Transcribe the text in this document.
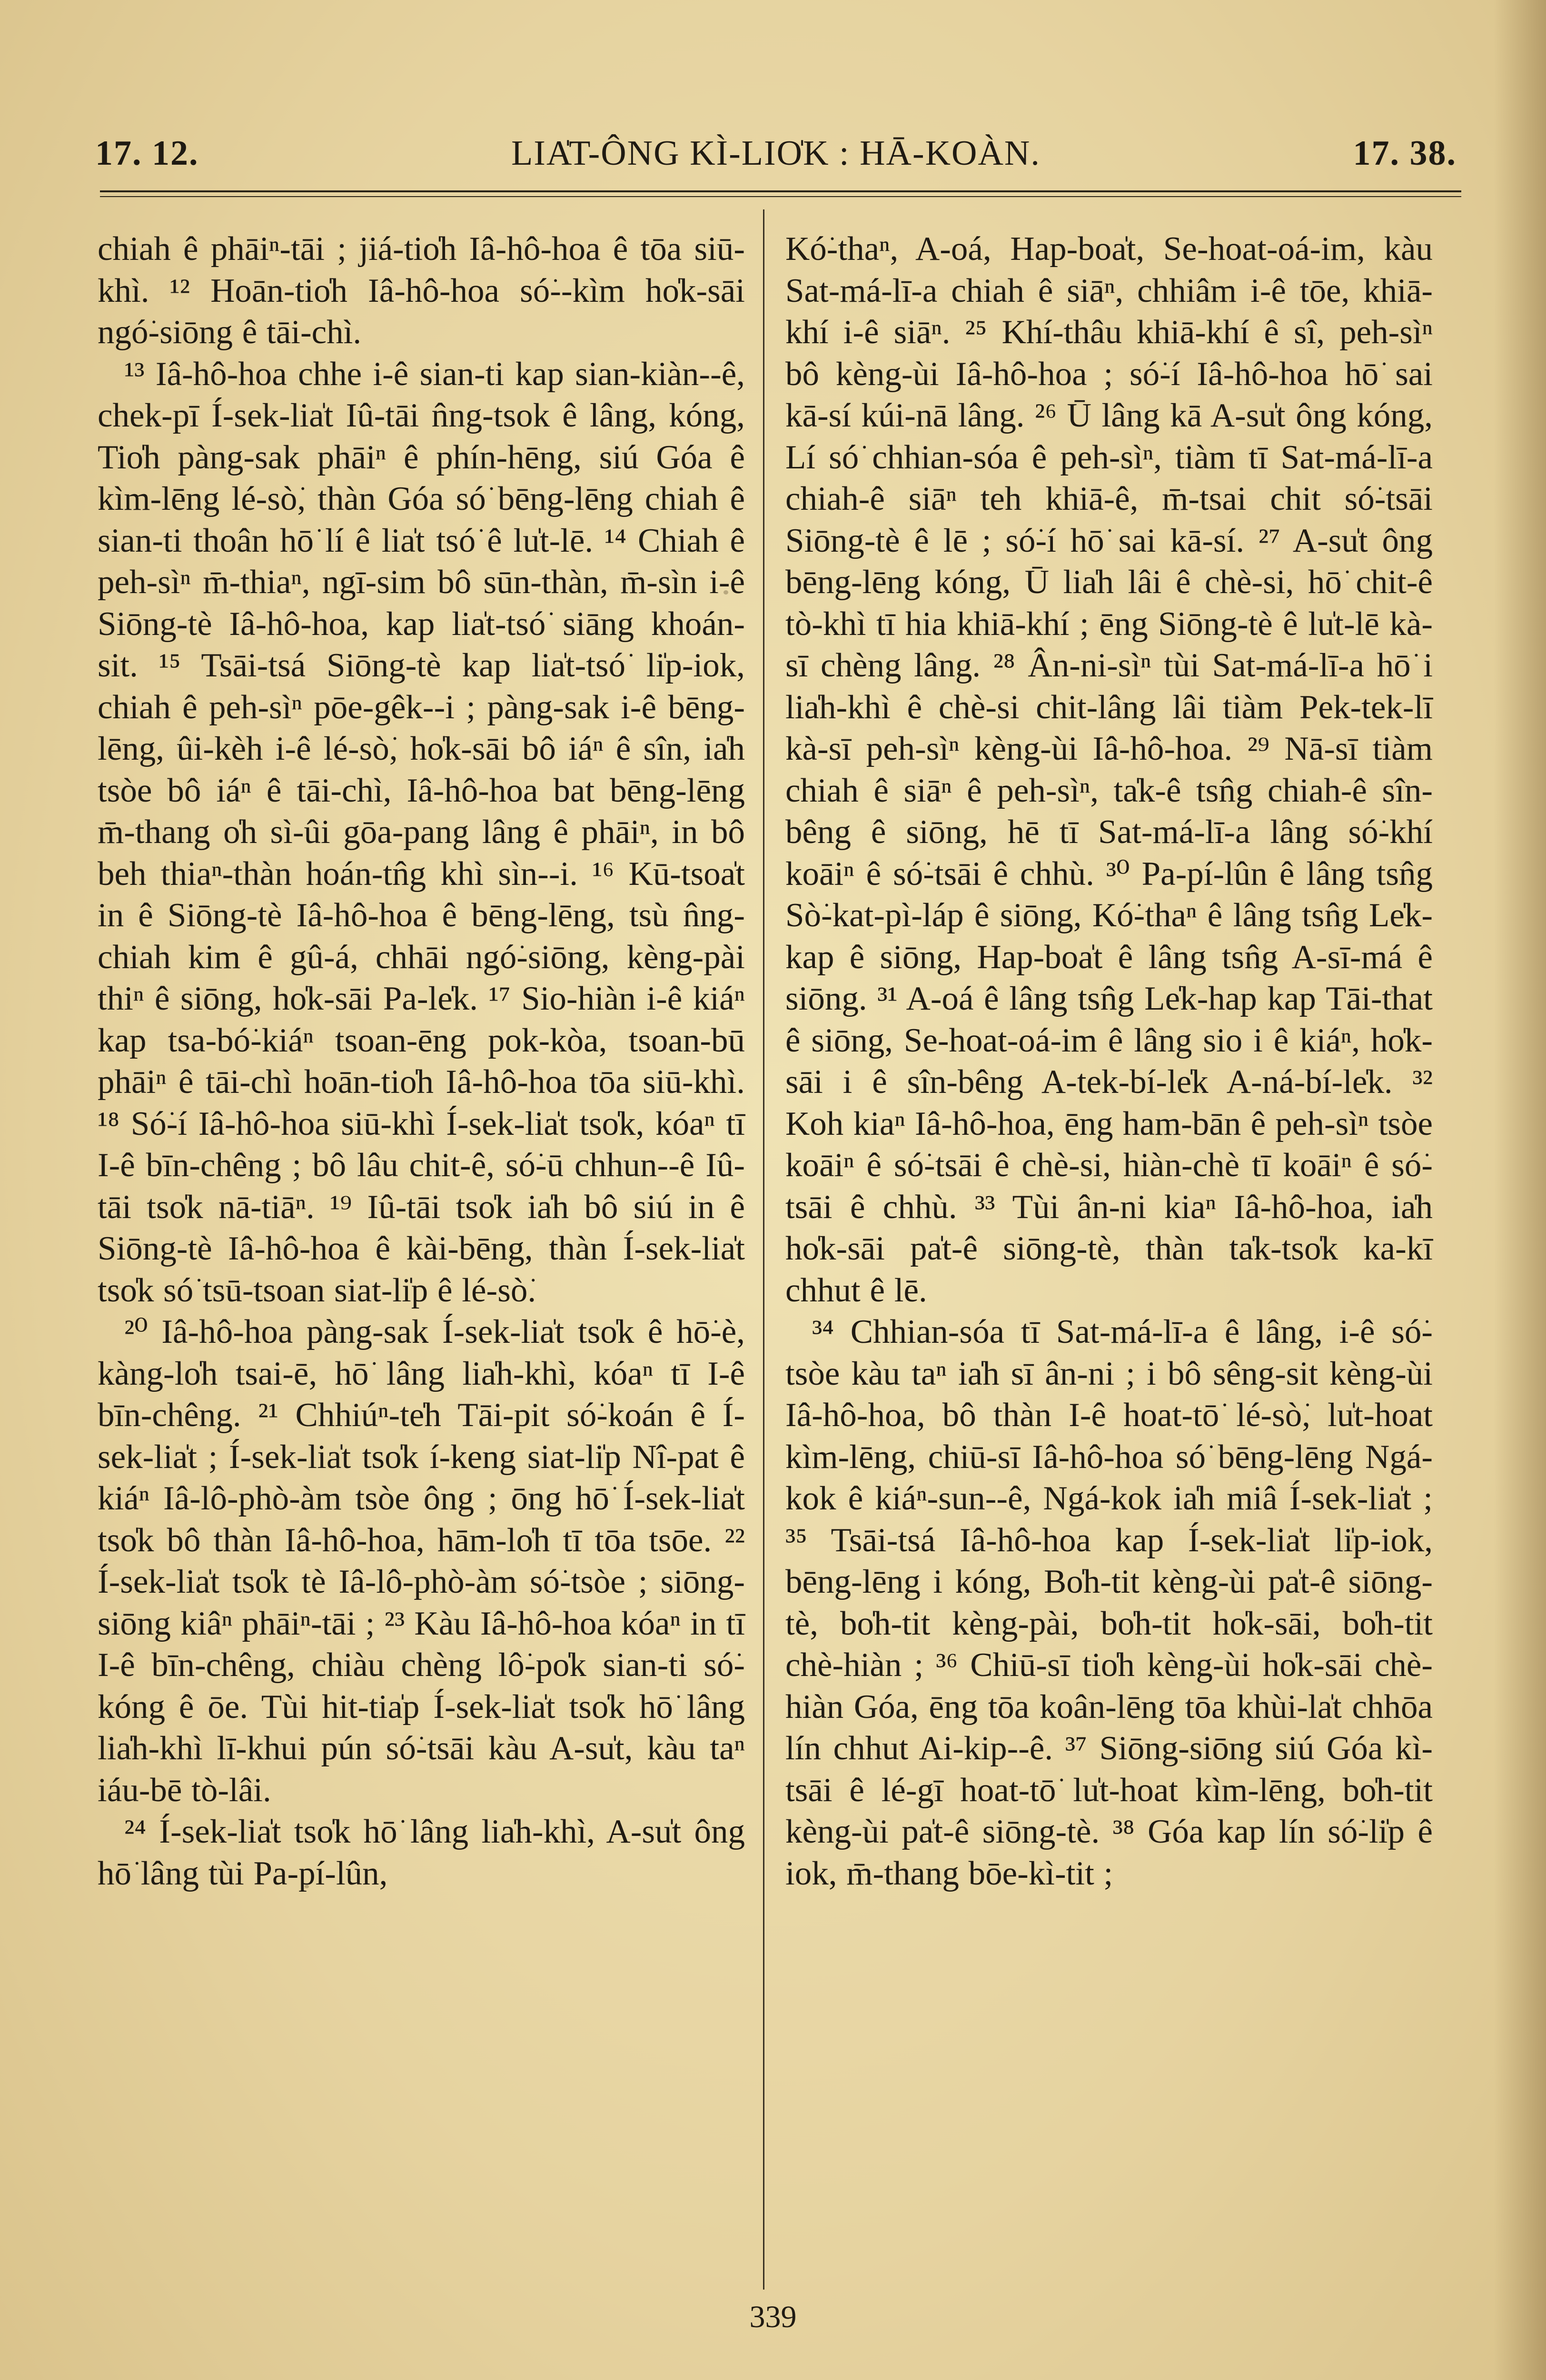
17. 12.	LIA̍T-ÔNG KÌ-LIO̍K : HĀ-KOÀN.	17. 38.

chiah ê phāiⁿ-tāi ; jiá-tio̍h Iâ-hô-hoa ê tōa siū-khì. ¹² Hoān-tio̍h Iâ-hô-hoa só͘--kìm ho̍k-sāi ngó͘-siōng ê tāi-chì.

¹³ Iâ-hô-hoa chhe i-ê sian-ti kap sian-kiàn--ê, chek-pī Í-sek-lia̍t Iû-tāi n̂ng-tsok ê lâng, kóng, Tio̍h pàng-sak phāiⁿ ê phín-hēng, siú Góa ê kìm-lēng lé-sò͘, thàn Góa só͘ bēng-lēng chiah ê sian-ti thoân hō͘ lí ê lia̍t tsó͘ ê lu̍t-lē. ¹⁴ Chiah ê peh-sìⁿ m̄-thiaⁿ, ngī-sim bô sūn-thàn, m̄-sìn i-ê Siōng-tè Iâ-hô-hoa, kap lia̍t-tsó͘ siāng khoán-sit. ¹⁵ Tsāi-tsá Siōng-tè kap lia̍t-tsó͘ li̍p-iok, chiah ê peh-sìⁿ pōe-gêk--i ; pàng-sak i-ê bēng-lēng, ûi-kèh i-ê lé-sò͘, ho̍k-sāi bô iáⁿ ê sîn, ia̍h tsòe bô iáⁿ ê tāi-chì, Iâ-hô-hoa bat bēng-lēng m̄-thang o̍h sì-ûi gōa-pang lâng ê phāiⁿ, in bô beh thiaⁿ-thàn hoán-tn̂g khì sìn--i. ¹⁶ Kū-tsoa̍t in ê Siōng-tè Iâ-hô-hoa ê bēng-lēng, tsù n̂ng-chiah kim ê gû-á, chhāi ngó͘-siōng, kèng-pài thiⁿ ê siōng, ho̍k-sāi Pa-le̍k. ¹⁷ Sio-hiàn i-ê kiáⁿ kap tsa-bó͘-kiáⁿ tsoan-ēng pok-kòa, tsoan-bū phāiⁿ ê tāi-chì hoān-tio̍h Iâ-hô-hoa tōa siū-khì. ¹⁸ Só͘-í Iâ-hô-hoa siū-khì Í-sek-lia̍t tso̍k, kóaⁿ tī I-ê bīn-chêng ; bô lâu chit-ê, só͘-ū chhun--ê Iû-tāi tso̍k nā-tiāⁿ. ¹⁹ Iû-tāi tso̍k ia̍h bô siú in ê Siōng-tè Iâ-hô-hoa ê kài-bēng, thàn Í-sek-lia̍t tso̍k só͘ tsū-tsoan siat-li̍p ê lé-sò͘.

²⁰ Iâ-hô-hoa pàng-sak Í-sek-lia̍t tso̍k ê hō͘-è, kàng-lo̍h tsai-ē, hō͘ lâng lia̍h-khì, kóaⁿ tī I-ê bīn-chêng. ²¹ Chhiúⁿ-te̍h Tāi-pit só͘-koán ê Í-sek-lia̍t ; Í-sek-lia̍t tso̍k í-keng siat-li̍p Nî-pat ê kiáⁿ Iâ-lô-phò-àm tsòe ông ; ōng hō͘ Í-sek-lia̍t tso̍k bô thàn Iâ-hô-hoa, hām-lo̍h tī tōa tsōe. ²² Í-sek-lia̍t tso̍k tè Iâ-lô-phò-àm só͘-tsòe ; siōng-siōng kiâⁿ phāiⁿ-tāi ; ²³ Kàu Iâ-hô-hoa kóaⁿ in tī I-ê bīn-chêng, chiàu chèng lô͘-po̍k sian-ti só͘-kóng ê ōe. Tùi hit-tia̍p Í-sek-lia̍t tso̍k hō͘ lâng lia̍h-khì lī-khui pún só͘-tsāi kàu A-su̍t, kàu taⁿ iáu-bē tò-lâi.

²⁴ Í-sek-lia̍t tso̍k hō͘ lâng lia̍h-khì, A-su̍t ông hō͘ lâng tùi Pa-pí-lûn,

Kó͘-thaⁿ, A-oá, Hap-boa̍t, Se-hoat-oá-im, kàu Sat-má-lī-a chiah ê siāⁿ, chhiâm i-ê tōe, khiā-khí i-ê siāⁿ. ²⁵ Khí-thâu khiā-khí ê sî, peh-sìⁿ bô kèng-ùi Iâ-hô-hoa ; só͘-í Iâ-hô-hoa hō͘ sai kā-sí kúi-nā lâng. ²⁶ Ū lâng kā A-su̍t ông kóng, Lí só͘ chhian-sóa ê peh-sìⁿ, tiàm tī Sat-má-lī-a chiah-ê siāⁿ teh khiā-ê, m̄-tsai chit só͘-tsāi Siōng-tè ê lē ; só͘-í hō͘ sai kā-sí. ²⁷ A-su̍t ông bēng-lēng kóng, Ū lia̍h lâi ê chè-si, hō͘ chit-ê tò-khì tī hia khiā-khí ; ēng Siōng-tè ê lu̍t-lē kà-sī chèng lâng. ²⁸ Ân-ni-sìⁿ tùi Sat-má-lī-a hō͘ i lia̍h-khì ê chè-si chit-lâng lâi tiàm Pek-tek-lī kà-sī peh-sìⁿ kèng-ùi Iâ-hô-hoa. ²⁹ Nā-sī tiàm chiah ê siāⁿ ê peh-sìⁿ, ta̍k-ê tsn̂g chiah-ê sîn-bêng ê siōng, hē tī Sat-má-lī-a lâng só͘-khí koāiⁿ ê só͘-tsāi ê chhù. ³⁰ Pa-pí-lûn ê lâng tsn̂g Sò͘-kat-pì-láp ê siōng, Kó͘-thaⁿ ê lâng tsn̂g Le̍k-kap ê siōng, Hap-boa̍t ê lâng tsn̂g A-sī-má ê siōng. ³¹ A-oá ê lâng tsn̂g Le̍k-hap kap Tāi-that ê siōng, Se-hoat-oá-im ê lâng sio i ê kiáⁿ, ho̍k-sāi i ê sîn-bêng A-tek-bí-le̍k A-ná-bí-le̍k. ³² Koh kiaⁿ Iâ-hô-hoa, ēng ham-bān ê peh-sìⁿ tsòe koāiⁿ ê só͘-tsāi ê chè-si, hiàn-chè tī koāiⁿ ê só͘-tsāi ê chhù. ³³ Tùi ân-ni kiaⁿ Iâ-hô-hoa, ia̍h ho̍k-sāi pa̍t-ê siōng-tè, thàn ta̍k-tso̍k ka-kī chhut ê lē.

³⁴ Chhian-sóa tī Sat-má-lī-a ê lâng, i-ê só͘-tsòe kàu taⁿ ia̍h sī ân-ni ; i bô sêng-sit kèng-ùi Iâ-hô-hoa, bô thàn I-ê hoat-tō͘ lé-sò͘, lu̍t-hoat kìm-lēng, chiū-sī Iâ-hô-hoa só͘ bēng-lēng Ngá-kok ê kiáⁿ-sun--ê, Ngá-kok ia̍h miâ Í-sek-lia̍t ; ³⁵ Tsāi-tsá Iâ-hô-hoa kap Í-sek-lia̍t li̍p-iok, bēng-lēng i kóng, Bo̍h-tit kèng-ùi pa̍t-ê siōng-tè, bo̍h-tit kèng-pài, bo̍h-tit ho̍k-sāi, bo̍h-tit chè-hiàn ; ³⁶ Chiū-sī tio̍h kèng-ùi ho̍k-sāi chè-hiàn Góa, ēng tōa koân-lēng tōa khùi-la̍t chhōa lín chhut Ai-kip--ê. ³⁷ Siōng-siōng siú Góa kì-tsāi ê lé-gī hoat-tō͘ lu̍t-hoat kìm-lēng, bo̍h-tit kèng-ùi pa̍t-ê siōng-tè. ³⁸ Góa kap lín só͘-li̍p ê iok, m̄-thang bōe-kì-tit ;

339
